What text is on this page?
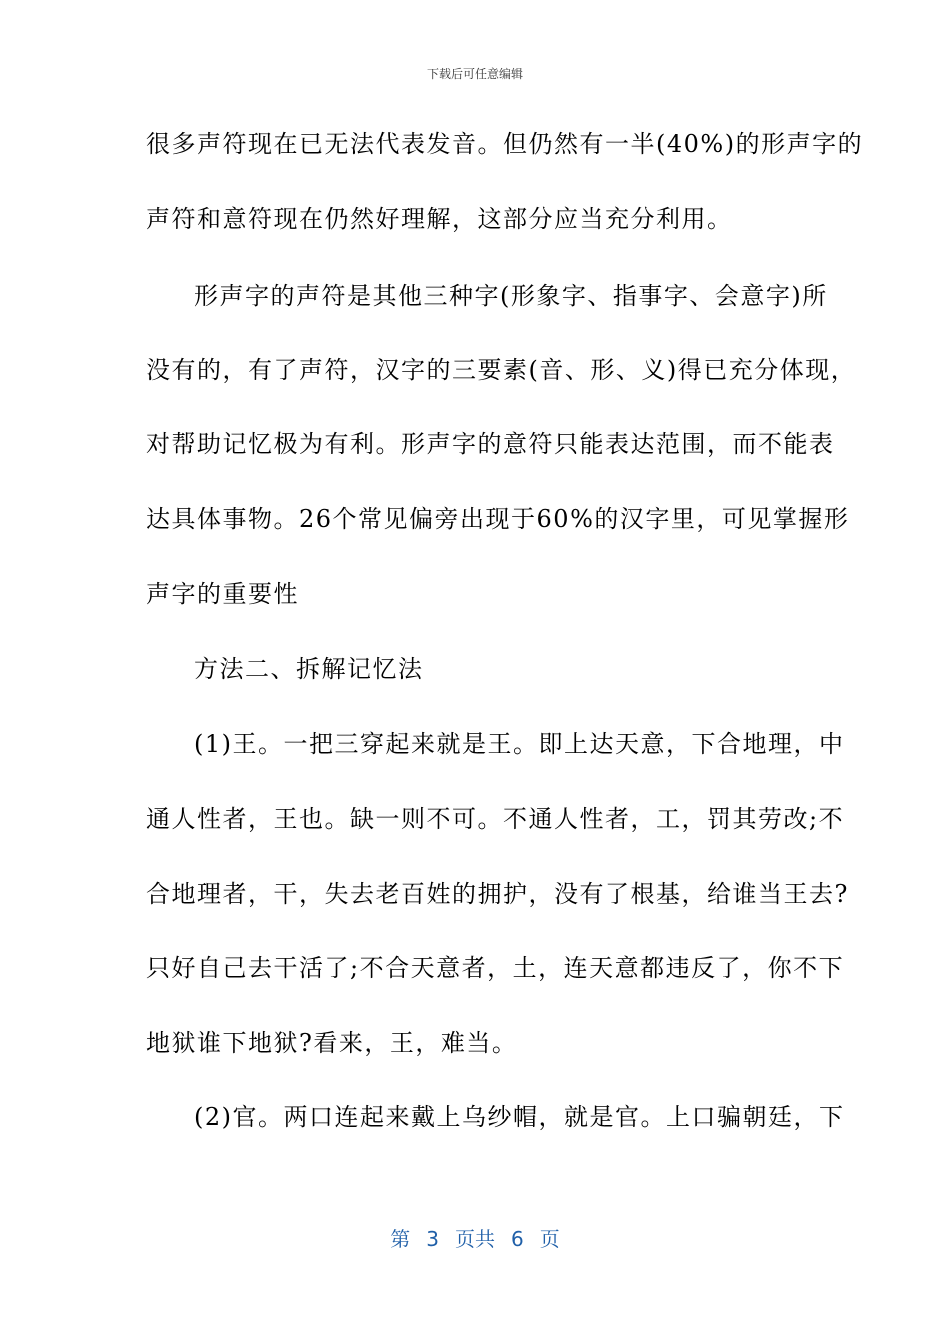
下载后可任意编辑
很多声符现在已无法代表发音。但仍然有一半(40%)的形声字的
声符和意符现在仍然好理解，这部分应当充分利用。
形声字的声符是其他三种字(形象字、指事字、会意字)所
没有的，有了声符，汉字的三要素(音、形、义)得已充分体现，
对帮助记忆极为有利。形声字的意符只能表达范围，而不能表
达具体事物。26个常见偏旁出现于60%的汉字里，可见掌握形
声字的重要性
方法二、拆解记忆法
(1)王。一把三穿起来就是王。即上达天意，下合地理，中
通人性者，王也。缺一则不可。不通人性者，工，罚其劳改;不
合地理者，干，失去老百姓的拥护，没有了根基，给谁当王去?
只好自己去干活了;不合天意者，土，连天意都违反了，你不下
地狱谁下地狱?看来，王，难当。
(2)官。两口连起来戴上乌纱帽，就是官。上口骗朝廷，下
第 3 页共 6 页
